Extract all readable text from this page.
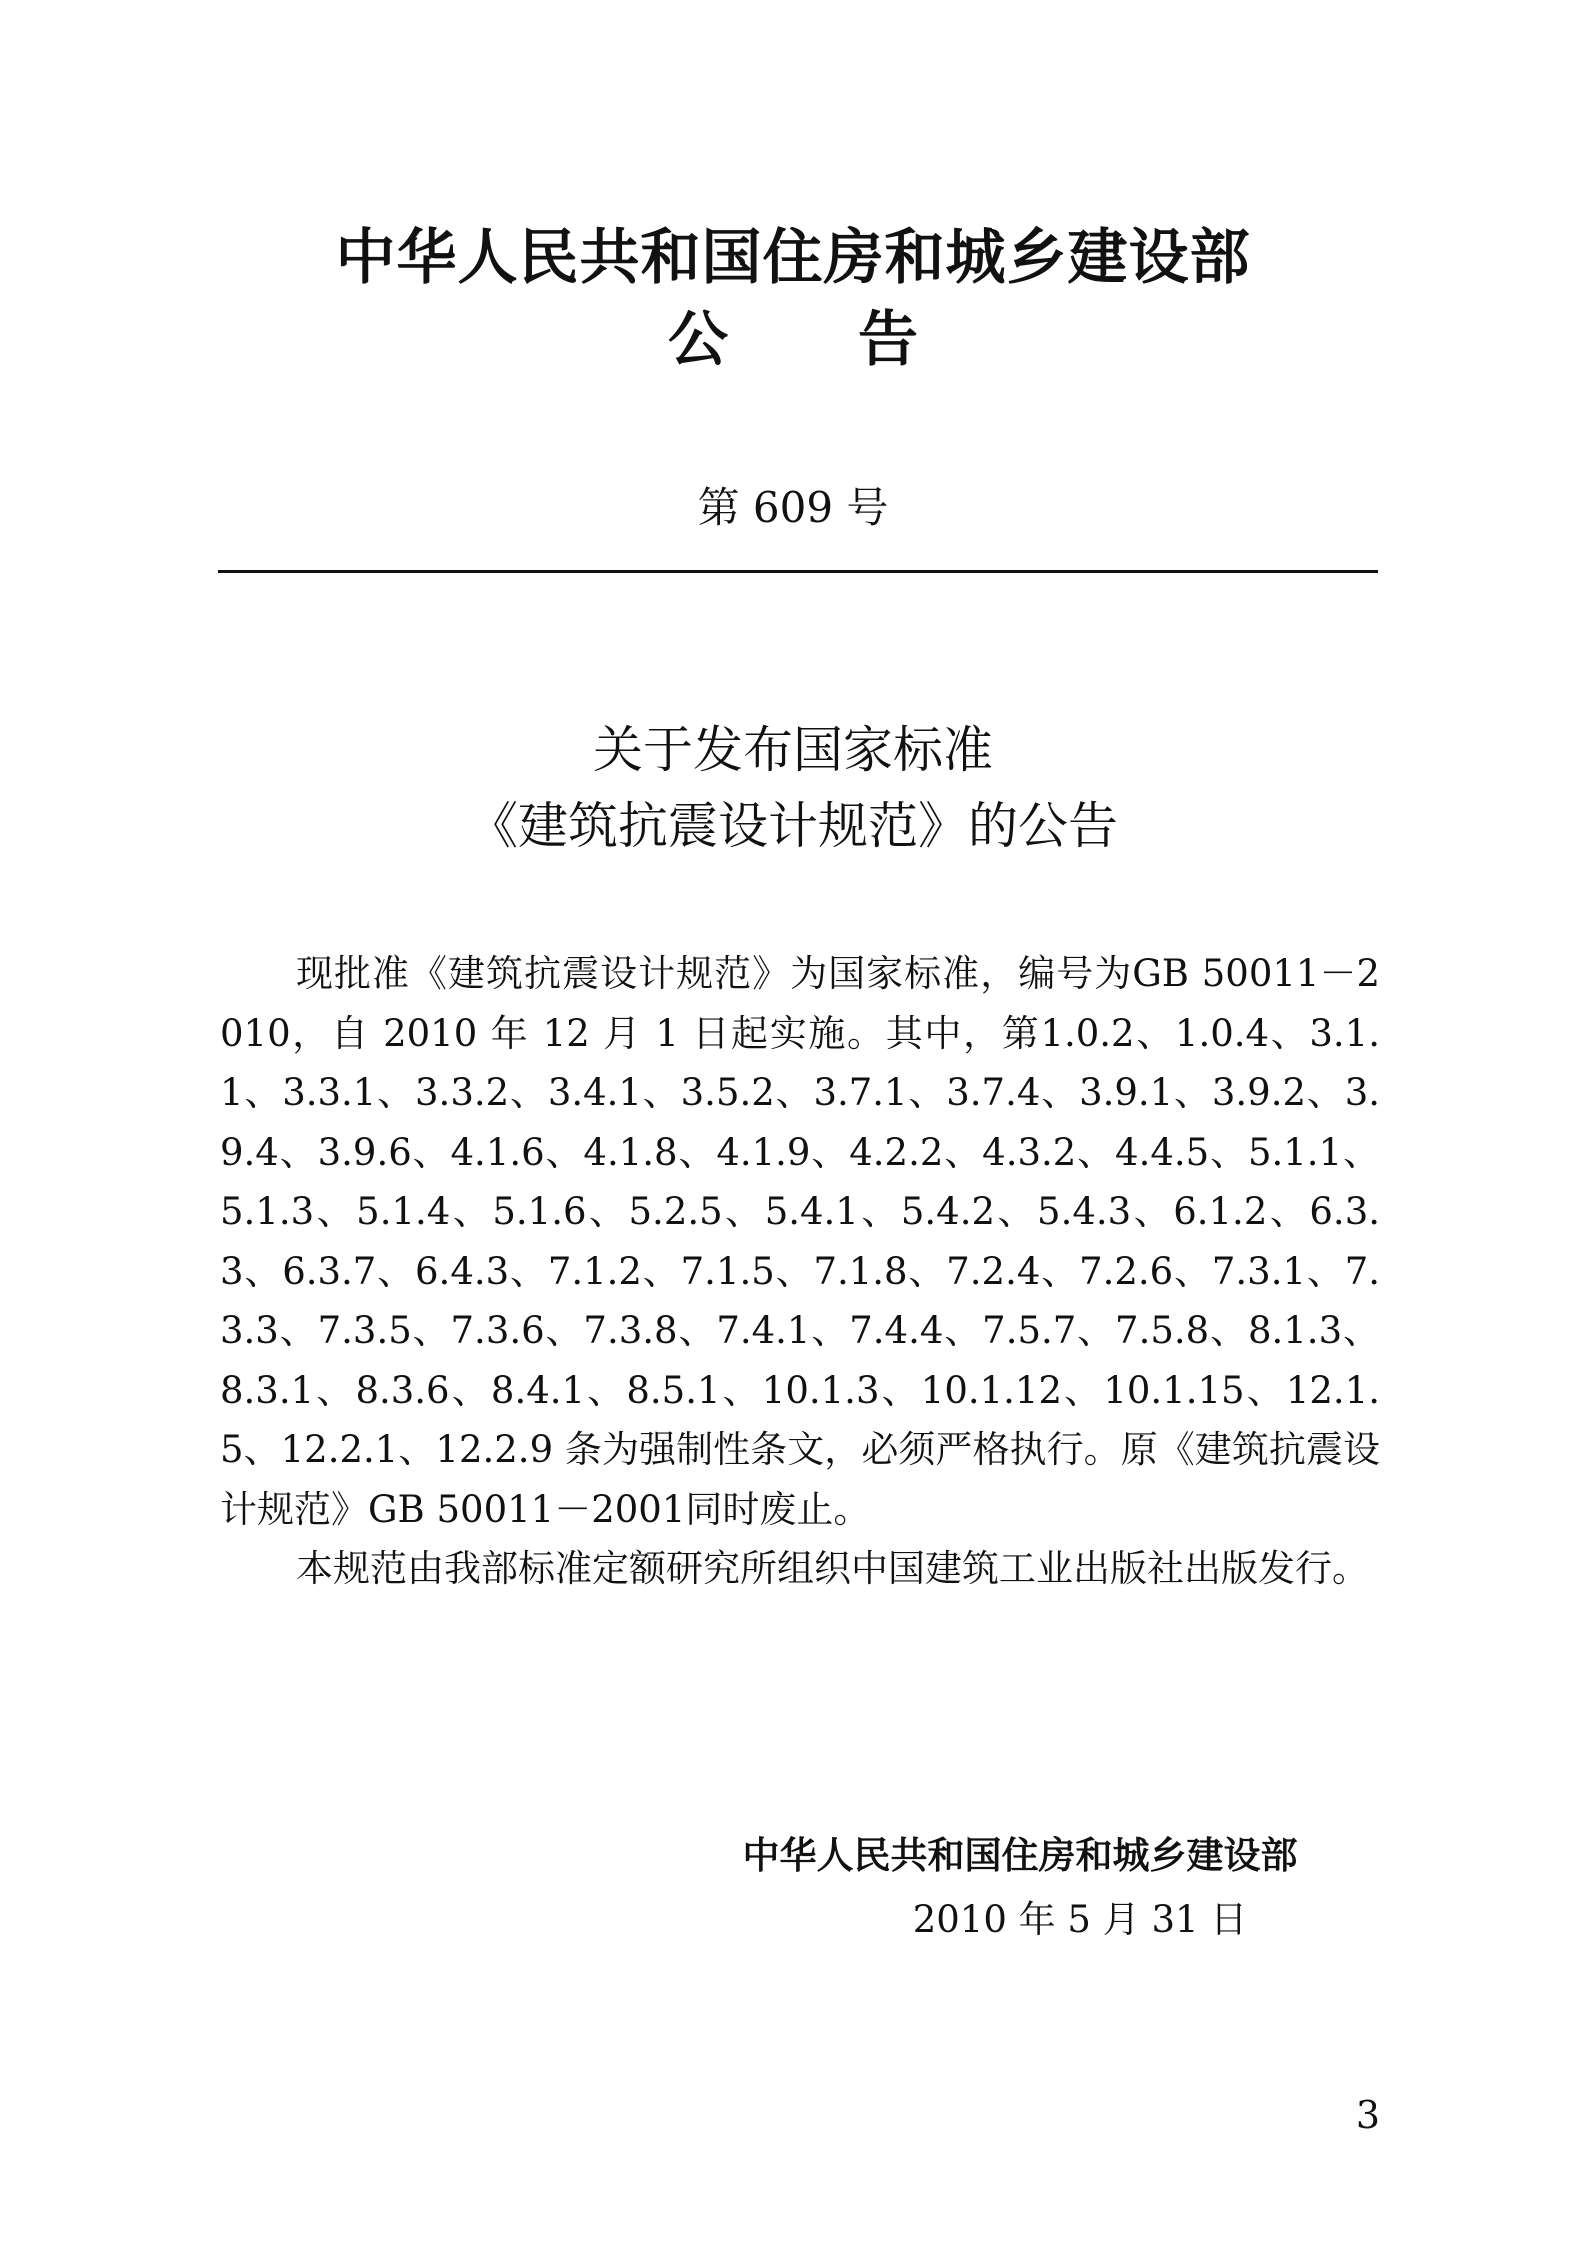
中华人民共和国住房和城乡建设部
公告
第 609 号
关于发布国家标准
《建筑抗震设计规范》的公告

现批准《建筑抗震设计规范》为国家标准，编号为GB 50011－2010，自 2010 年 12 月 1 日起实施。其中，第1.0.2、1.0.4、3.1.1、3.3.1、3.3.2、3.4.1、3.5.2、3.7.1、3.7.4、3.9.1、3.9.2、3.9.4、3.9.6、4.1.6、4.1.8、4.1.9、4.2.2、4.3.2、4.4.5、5.1.1、5.1.3、5.1.4、5.1.6、5.2.5、5.4.1、5.4.2、5.4.3、6.1.2、6.3.3、6.3.7、6.4.3、7.1.2、7.1.5、7.1.8、7.2.4、7.2.6、7.3.1、7.3.3、7.3.5、7.3.6、7.3.8、7.4.1、7.4.4、7.5.7、7.5.8、8.1.3、8.3.1、8.3.6、8.4.1、8.5.1、10.1.3、10.1.12、10.1.15、12.1.5、12.2.1、12.2.9 条为强制性条文，必须严格执行。原《建筑抗震设计规范》GB 50011－2001同时废止。

本规范由我部标准定额研究所组织中国建筑工业出版社出版发行。

中华人民共和国住房和城乡建设部
2010 年 5 月 31 日
3
